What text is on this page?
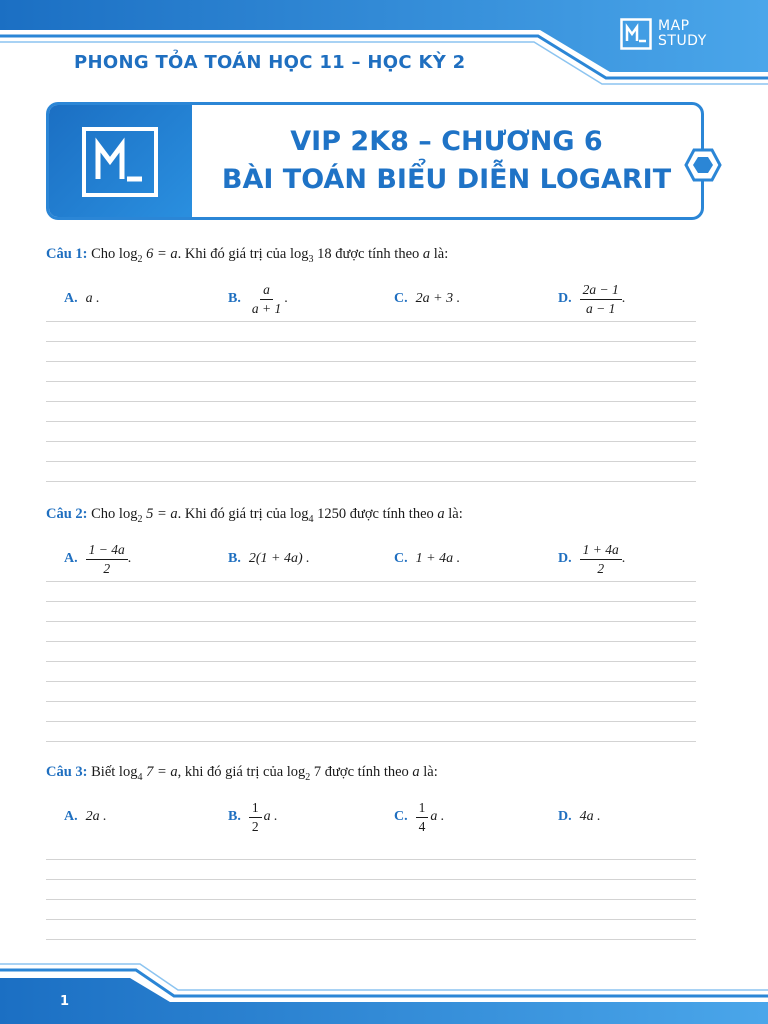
PHONG TỎA TOÁN HỌC 11 – HỌC KỲ 2
MAP
STUDY
VIP 2K8 – CHƯƠNG 6
BÀI TOÁN BIỂU DIỄN LOGARIT
Câu 1: Cho $\log_2 6 = a$. Khi đó giá trị của $\log_3 18$ được tính theo a là:
A. a .	B. $\frac{a}{a + 1}$ .	C. 2a + 3 .	D. $\frac{2a - 1}{a - 1}$ .
Câu 2: Cho $\log_2 5 = a$. Khi đó giá trị của $\log_4 1250$ được tính theo a là:
A. $\frac{1 - 4a}{2}$ .	B. 2(1 + 4a) .	C. 1 + 4a .	D. $\frac{1 + 4a}{2}$ .
Câu 3: Biết $\log_4 7 = a$, khi đó giá trị của $\log_2 7$ được tính theo a là:
A. 2a .	B. $\frac{1}{2}$ a .	C. $\frac{1}{4}$ a .	D. 4a .
1
